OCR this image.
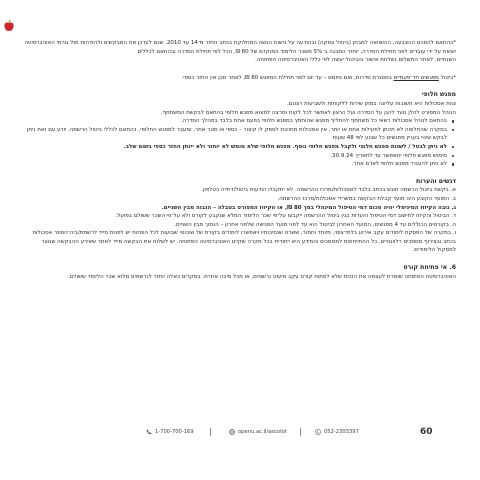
*בהתאם להסכם ההצבעה, ההשוואה למבחן (ביטול עסקה) ובהודעה על גישות הגשה המחלוקת בכתב החזר מ־14 עד 2010. שנם לעדכן את המבקשים ולהזדהות מול גורמי האוניברסיטה

יוצאת על ידי עובדים לפני תחילת הסדרה, יוחזר המבנה ב־5% משכר הלימוד המוקדם של 80 ₪, הכל לפי תחילת הסדרה ובהתאם לכללים

השנתיים. לאחר התשלום נשלחת אישור והביטול יעשה לפי כללי האוניברסיטה הפתוחה.

*ביטול מפגשים חד־פעמיים במסגרת סדרות, ואם סיומם – עד יום לפני תחילת המפגש 80 ₪, לאחר מכן אין החזר כספי.

מפגש חלופי

צוות אסכולות היא חשובות עליונה במתן שירות ללקוחות ולשביעות רצונם.

הנוהל המפורט להלן נועד להגן על הסדרה ועל הרצון לאפשר לכל לקוח ומרצה למצוא מפגש חלופי בהתאם לבקשת המשתתף.

בהתאם לנוהל אסכולות רשאי כל משתתף להחליף מפגש שהוחמץ במפגש חלופי בפעם אחת בלבד במהלך הסדרה.
במקרה שהחלופה לא תינתן לפעילות אחת או יותר, אין אסכולות מחויבת לספק לו קיצור – כספי או סטר אחר, ומעבר למפגש החלופי, בהתאם לכללי ביטול הרשמה. יודע עם זאת ניתן לבקש שינוי בעניין מפגשים כל שבוע לפי 48 שעות
לא ניתן לבטל / לשנות מפגש חלופי ולקבל מפגש חלופי נוסף. מפגש חלופי שלא מומש לא יוחזר ולא יינתן החזר כספי בשום שלב.
מימוש מפגש חלופי יתאפשר עד לתאריך 30.9.24.
לא ניתן להעביר מפגש חלופי לאדם אחר.

דגשים והערות

א. בקשת ביטול הרשמה תוגש בכתב בלבד לאסכולות/מרכז ההרשמה. לא יתקבלו הודעות ביטול/דחייה בטלפון.

ב. המועד הקובע הינו מועד קבלת הבקשה במשרדי אסכולות/מרכז ההרשמה.

ג. גובה הקיזוז המינימלי יהיה סכום דמי הטיפול המינהלי בסך 80 ₪, או הקיזוז המפורט בטבלה – הגבוה מבין השניים.

ד. הביטול והקיזוז לחישוב דמי הטיפול והערות בגין ביטול ההרשמה ייקבעו על־פי שכר הלימוד המלא שנקבע לקורס ולא על־פי השכר ששולם בפועל.

ה. בקורסים הכוללים עד 4 מפגשים, המועד האחרון לביטול הוא עד לפני מועד הפגישה שלפני אחרון – הנמוך מבין השניים.

ו. במקרה של הפסקת לימודים עקב אירוע בלתי־צפוי, מיוחד וחמור, ששרט שנסיבותיו ויאפשרו לימודים בקורס של שיבוטי שבועות לכל הפחות יש לפנות מייד לרשמת/ביה־הספר אסכולות בכתב ובצירוף מסמכים רלוונטיים. כל ההתייחסות למסמכים והמידע היא ייחודית בכל מקרה שקיים האוניברסיטה הפתוחה. יש לשלוח את הבקשה מייד לאחר שאירע ההבקשה שנוצר למסקול הלימודים.

6. אי פתיחת קורס

האוניברסיטה הפתוחה שומרת לעצמה את הזכות שלא לפתוח קורס עקב מיעוט נרשמים, או מכל סיבה אחרת. במקרים כאלה יוחזר לנרשמים מלוא שכר הלימוד ששולם.

60
052-2303397
openu.ac.il/ascolot
1-700-700-169
